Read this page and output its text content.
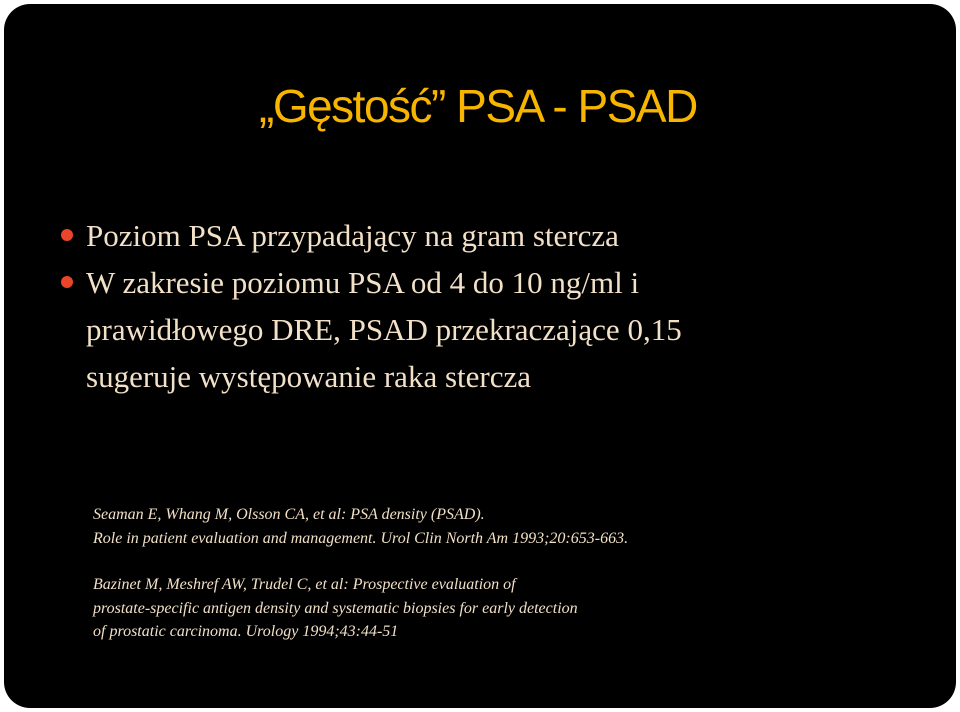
„Gęstość” PSA - PSAD
Poziom PSA przypadający na gram stercza
W zakresie poziomu PSA od 4 do 10 ng/ml i
prawidłowego DRE, PSAD przekraczające 0,15
sugeruje występowanie raka stercza

Seaman E, Whang M, Olsson CA, et al: PSA density (PSAD).
Role in patient evaluation and management. Urol Clin North Am 1993;20:653-663.

Bazinet M, Meshref AW, Trudel C, et al: Prospective evaluation of
prostate-specific antigen density and systematic biopsies for early detection
of prostatic carcinoma. Urology 1994;43:44-51
